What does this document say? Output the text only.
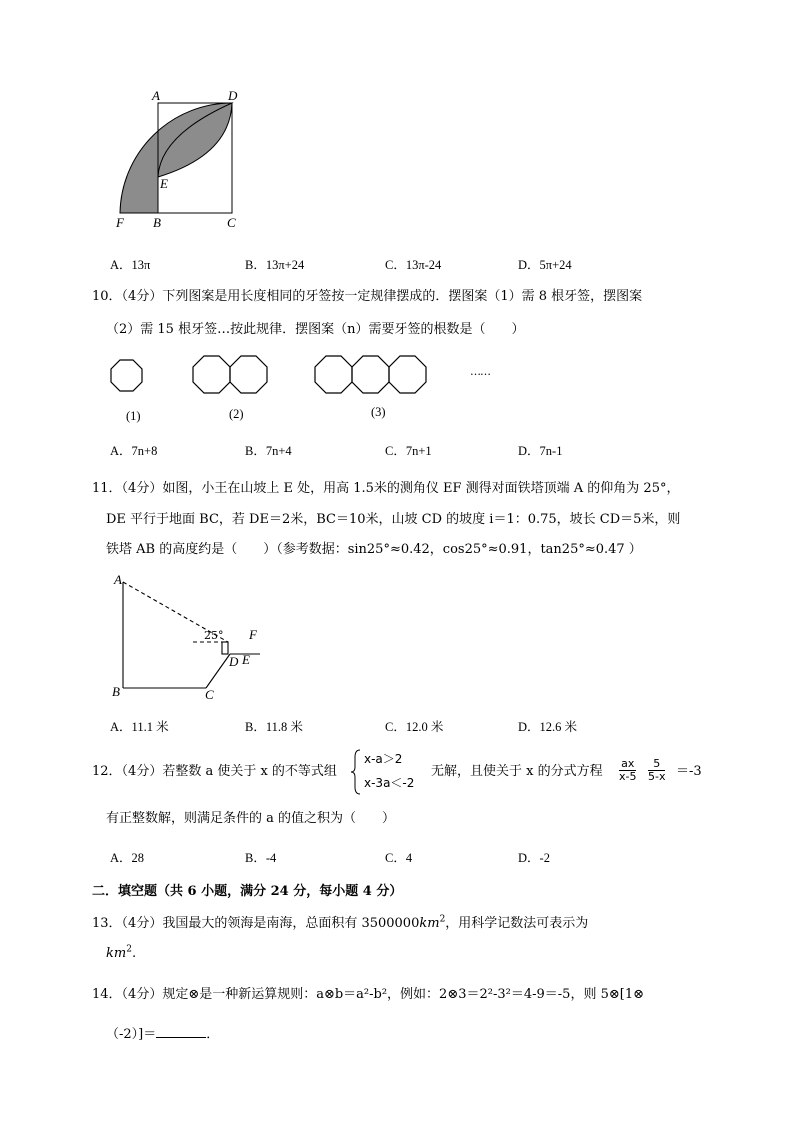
A	D
E
F B	C
A．13π	B．13π+24	C．13π-24	D．5π+24
10．（4分）下列图案是用长度相同的牙签按一定规律摆成的．摆图案（1）需 8 根牙签，摆图案
（2）需 15 根牙签…按此规律．摆图案（n）需要牙签的根数是（　　）
……
(1)	(2)	(3)
A．7n+8	B．7n+4	C．7n+1	D．7n-1
11．（4分）如图，小王在山坡上 E 处，用高 1.5米的测角仪 EF 测得对面铁塔顶端 A 的仰角为 25°，
DE 平行于地面 BC，若 DE＝2米，BC＝10米，山坡 CD 的坡度 i＝1：0.75，坡长 CD＝5米，则
铁塔 AB 的高度约是（　　）（参考数据：sin25°≈0.42，cos25°≈0.91，tan25°≈0.47 ）
A
25° F
D E
B	C
A．11.1 米	B．11.8 米	C．12.0 米	D．12.6 米
12．（4分）若整数 a 使关于 x 的不等式组
x-a＞2
x-3a＜-2
无解，且使关于 x 的分式方程 $\frac{ax}{x-5} \frac{5}{5-x} =-3$
有正整数解，则满足条件的 a 的值之积为（　　）
A．28	B．-4	C．4	D．-2
二．填空题（共 6 小题，满分 24 分，每小题 4 分）
13．（4分）我国最大的领海是南海，总面积有 $3500000km^2$，用科学记数法可表示为
$km^2$.
14．（4分）规定⊗是一种新运算规则：a⊗b＝a²-b²，例如：2⊗3＝2²-3²＝4-9＝-5，则 5⊗[1⊗
（-2）]＝	．
